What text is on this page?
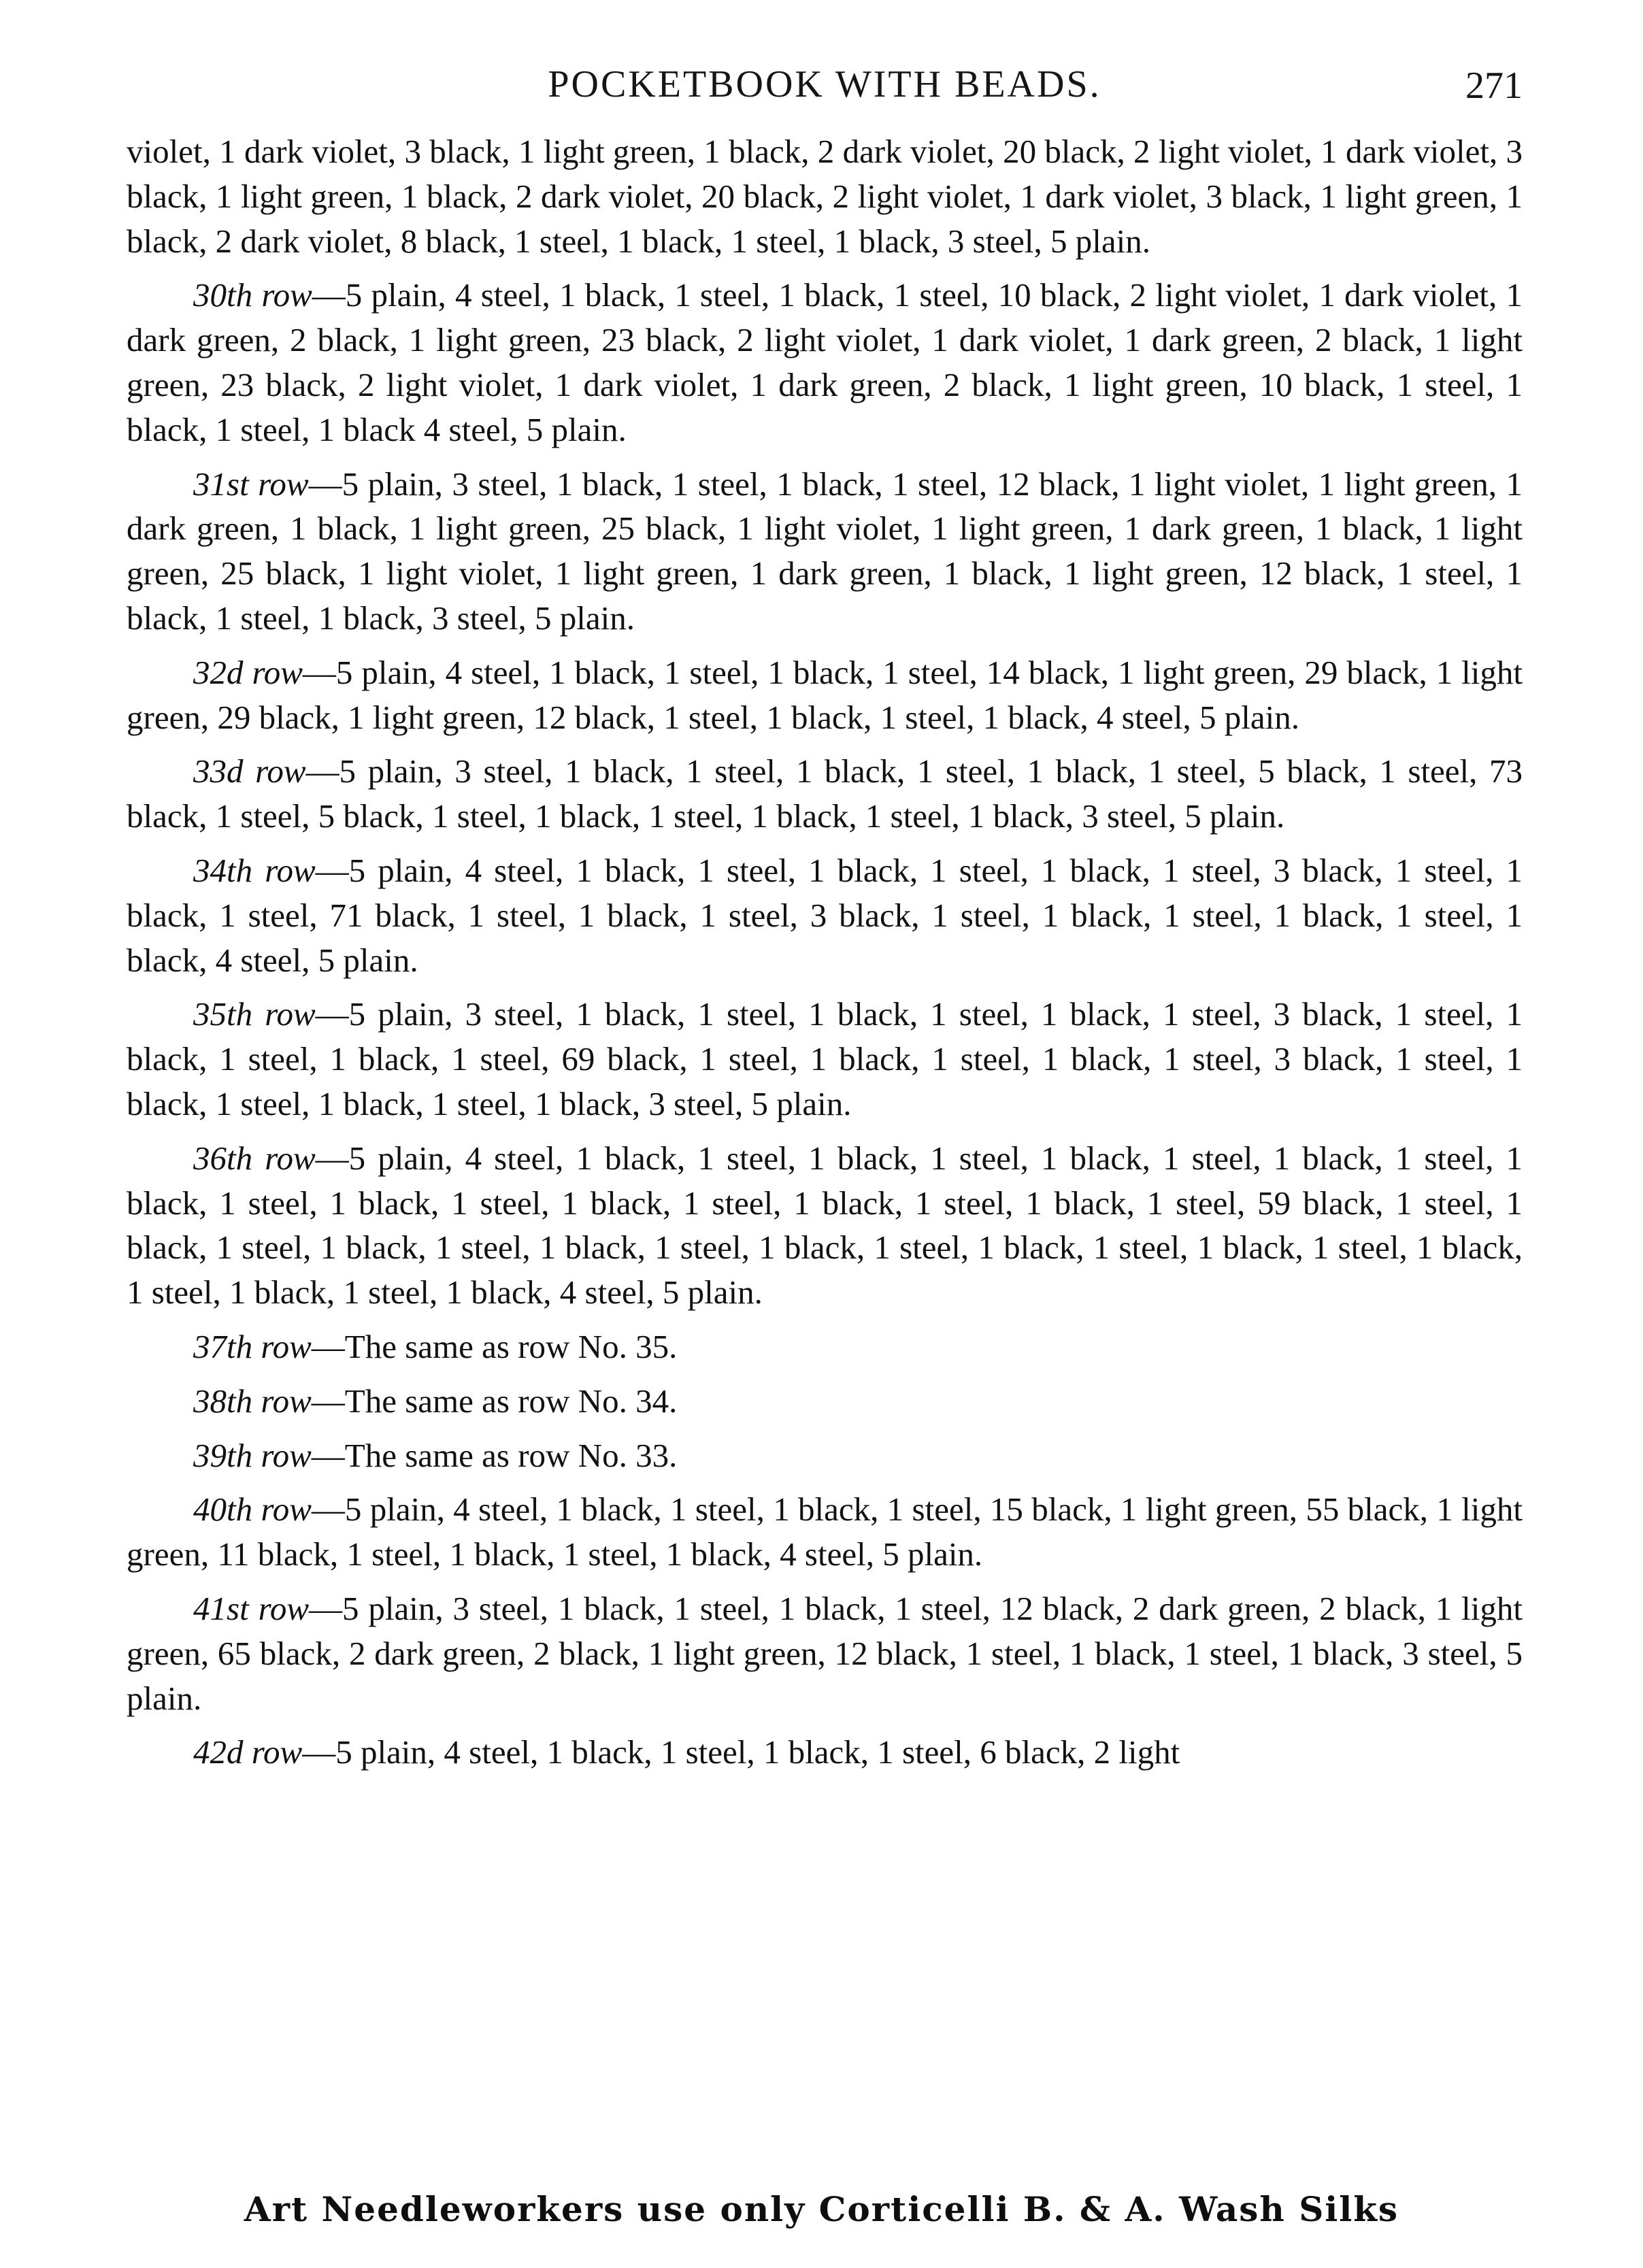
POCKETBOOK WITH BEADS.	271

violet, 1 dark violet, 3 black, 1 light green, 1 black, 2 dark violet, 20 black, 2 light violet, 1 dark violet, 3 black, 1 light green, 1 black, 2 dark violet, 20 black, 2 light violet, 1 dark violet, 3 black, 1 light green, 1 black, 2 dark violet, 8 black, 1 steel, 1 black, 1 steel, 1 black, 3 steel, 5 plain.

30th row—5 plain, 4 steel, 1 black, 1 steel, 1 black, 1 steel, 10 black, 2 light violet, 1 dark violet, 1 dark green, 2 black, 1 light green, 23 black, 2 light violet, 1 dark violet, 1 dark green, 2 black, 1 light green, 23 black, 2 light violet, 1 dark violet, 1 dark green, 2 black, 1 light green, 10 black, 1 steel, 1 black, 1 steel, 1 black 4 steel, 5 plain.

31st row—5 plain, 3 steel, 1 black, 1 steel, 1 black, 1 steel, 12 black, 1 light violet, 1 light green, 1 dark green, 1 black, 1 light green, 25 black, 1 light violet, 1 light green, 1 dark green, 1 black, 1 light green, 25 black, 1 light violet, 1 light green, 1 dark green, 1 black, 1 light green, 12 black, 1 steel, 1 black, 1 steel, 1 black, 3 steel, 5 plain.

32d row—5 plain, 4 steel, 1 black, 1 steel, 1 black, 1 steel, 14 black, 1 light green, 29 black, 1 light green, 29 black, 1 light green, 12 black, 1 steel, 1 black, 1 steel, 1 black, 4 steel, 5 plain.

33d row—5 plain, 3 steel, 1 black, 1 steel, 1 black, 1 steel, 1 black, 1 steel, 5 black, 1 steel, 73 black, 1 steel, 5 black, 1 steel, 1 black, 1 steel, 1 black, 1 steel, 1 black, 3 steel, 5 plain.

34th row—5 plain, 4 steel, 1 black, 1 steel, 1 black, 1 steel, 1 black, 1 steel, 3 black, 1 steel, 1 black, 1 steel, 71 black, 1 steel, 1 black, 1 steel, 3 black, 1 steel, 1 black, 1 steel, 1 black, 1 steel, 1 black, 4 steel, 5 plain.

35th row—5 plain, 3 steel, 1 black, 1 steel, 1 black, 1 steel, 1 black, 1 steel, 3 black, 1 steel, 1 black, 1 steel, 1 black, 1 steel, 69 black, 1 steel, 1 black, 1 steel, 1 black, 1 steel, 3 black, 1 steel, 1 black, 1 steel, 1 black, 1 steel, 1 black, 3 steel, 5 plain.

36th row—5 plain, 4 steel, 1 black, 1 steel, 1 black, 1 steel, 1 black, 1 steel, 1 black, 1 steel, 1 black, 1 steel, 1 black, 1 steel, 1 black, 1 steel, 1 black, 1 steel, 1 black, 1 steel, 59 black, 1 steel, 1 black, 1 steel, 1 black, 1 steel, 1 black, 1 steel, 1 black, 1 steel, 1 black, 1 steel, 1 black, 1 steel, 1 black, 1 steel, 1 black, 1 steel, 1 black, 4 steel, 5 plain.

37th row—The same as row No. 35.

38th row—The same as row No. 34.

39th row—The same as row No. 33.

40th row—5 plain, 4 steel, 1 black, 1 steel, 1 black, 1 steel, 15 black, 1 light green, 55 black, 1 light green, 11 black, 1 steel, 1 black, 1 steel, 1 black, 4 steel, 5 plain.

41st row—5 plain, 3 steel, 1 black, 1 steel, 1 black, 1 steel, 12 black, 2 dark green, 2 black, 1 light green, 65 black, 2 dark green, 2 black, 1 light green, 12 black, 1 steel, 1 black, 1 steel, 1 black, 3 steel, 5 plain.

42d row—5 plain, 4 steel, 1 black, 1 steel, 1 black, 1 steel, 6 black, 2 light

Art Needleworkers use only Corticelli B. & A. Wash Silks
